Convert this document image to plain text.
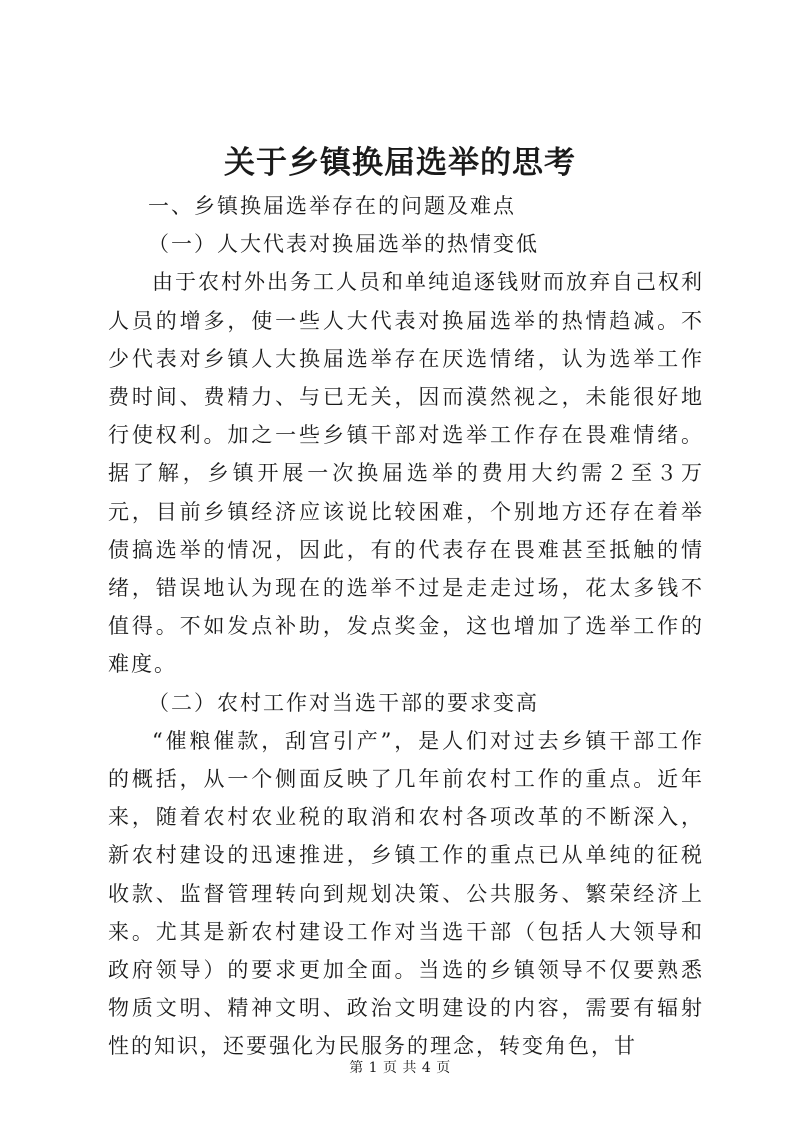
关于乡镇换届选举的思考

一、乡镇换届选举存在的问题及难点

（一）人大代表对换届选举的热情变低

由于农村外出务工人员和单纯追逐钱财而放弃自己权利人员的增多，使一些人大代表对换届选举的热情趋减。不少代表对乡镇人大换届选举存在厌选情绪，认为选举工作费时间、费精力、与已无关，因而漠然视之，未能很好地行使权利。加之一些乡镇干部对选举工作存在畏难情绪。据了解，乡镇开展一次换届选举的费用大约需２至３万元，目前乡镇经济应该说比较困难，个别地方还存在着举债搞选举的情况，因此，有的代表存在畏难甚至抵触的情绪，错误地认为现在的选举不过是走走过场，花太多钱不值得。不如发点补助，发点奖金，这也增加了选举工作的难度。

（二）农村工作对当选干部的要求变高

“催粮催款，刮宫引产”，是人们对过去乡镇干部工作的概括，从一个侧面反映了几年前农村工作的重点。近年来，随着农村农业税的取消和农村各项改革的不断深入，新农村建设的迅速推进，乡镇工作的重点已从单纯的征税收款、监督管理转向到规划决策、公共服务、繁荣经济上来。尤其是新农村建设工作对当选干部（包括人大领导和政府领导）的要求更加全面。当选的乡镇领导不仅要熟悉物质文明、精神文明、政治文明建设的内容，需要有辐射性的知识，还要强化为民服务的理念，转变角色，甘

第 1 页 共 4 页
